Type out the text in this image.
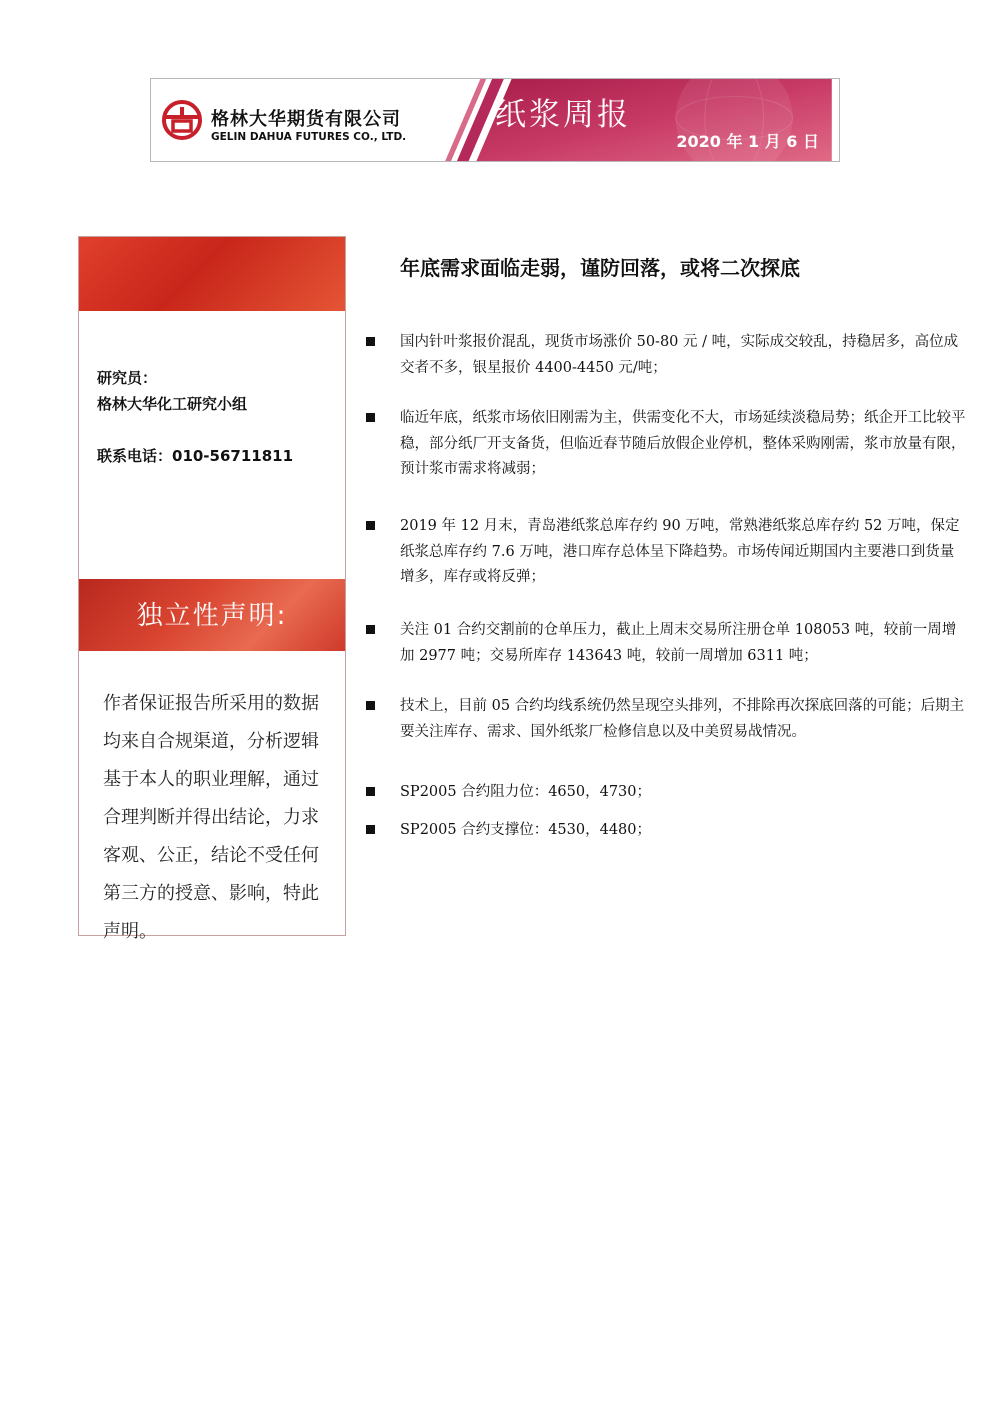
格林大华期货有限公司
GELIN DAHUA FUTURES CO., LTD.
纸浆周报
2020 年 1 月 6 日
研究员：
格林大华化工研究小组
联系电话：010-56711811
独立性声明:
作者保证报告所采用的数据均来自合规渠道，分析逻辑基于本人的职业理解，通过合理判断并得出结论，力求客观、公正，结论不受任何第三方的授意、影响，特此声明。
年底需求面临走弱，谨防回落，或将二次探底
国内针叶浆报价混乱，现货市场涨价 50-80 元 / 吨，实际成交较乱，持稳居多，高位成交者不多，银星报价 4400-4450 元/吨；
临近年底，纸浆市场依旧刚需为主，供需变化不大，市场延续淡稳局势；纸企开工比较平稳，部分纸厂开支备货，但临近春节随后放假企业停机，整体采购刚需，浆市放量有限，预计浆市需求将减弱；
2019 年 12 月末，青岛港纸浆总库存约 90 万吨，常熟港纸浆总库存约 52 万吨，保定纸浆总库存约 7.6 万吨，港口库存总体呈下降趋势。市场传闻近期国内主要港口到货量增多，库存或将反弹；
关注 01 合约交割前的仓单压力，截止上周末交易所注册仓单 108053 吨，较前一周增加 2977 吨；交易所库存 143643 吨，较前一周增加 6311 吨；
技术上，目前 05 合约均线系统仍然呈现空头排列，不排除再次探底回落的可能；后期主要关注库存、需求、国外纸浆厂检修信息以及中美贸易战情况。
SP2005 合约阻力位：4650，4730；
SP2005 合约支撑位：4530，4480；
